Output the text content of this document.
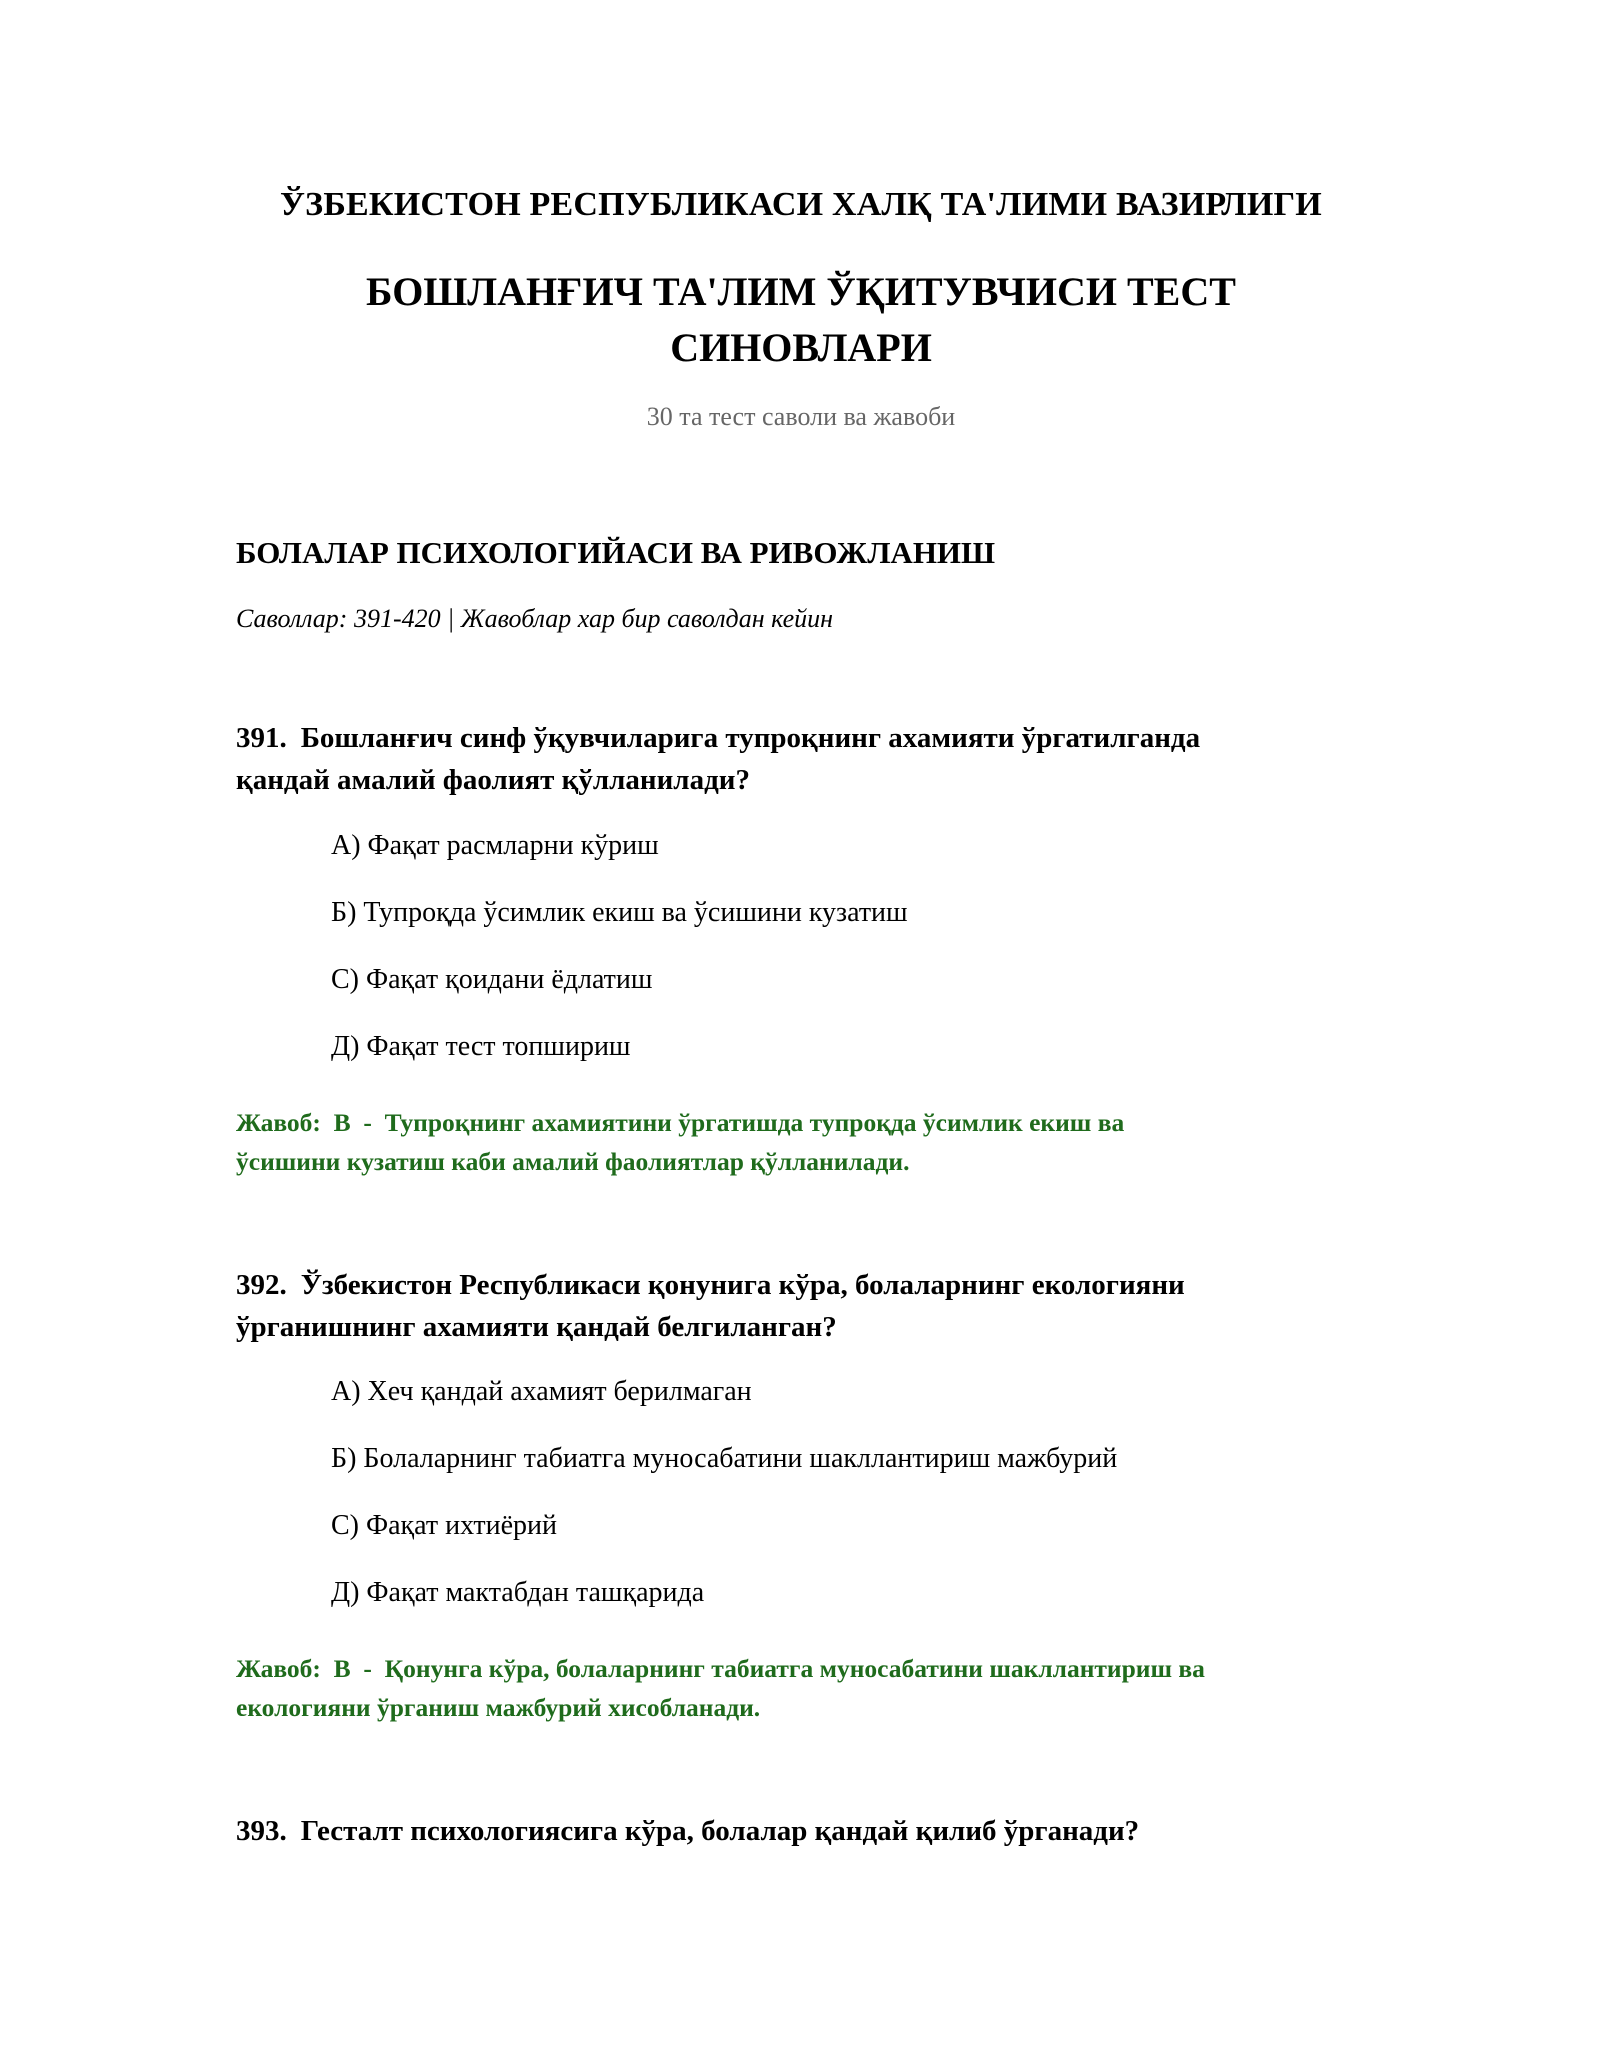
ЎЗБЕКИСТОН РЕСПУБЛИКАСИ ХАЛҚ ТА'ЛИМИ ВАЗИРЛИГИ
БОШЛАНҒИЧ ТА'ЛИМ ЎҚИТУВЧИСИ ТЕСТ
СИНОВЛАРИ
30 та тест саволи ва жавоби
БОЛАЛАР ПСИХОЛОГИЙАСИ ВА РИВОЖЛАНИШ
Саволлар: 391-420 | Жавоблар хар бир саволдан кейин
391. Бошланғич синф ўқувчиларига тупроқнинг ахамияти ўргатилганда
қандай амалий фаолият қўлланилади?
А) Фақат расмларни кўриш
Б) Тупроқда ўсимлик екиш ва ўсишини кузатиш
С) Фақат қоидани ёдлатиш
Д) Фақат тест топшириш
Жавоб:  B  -  Тупроқнинг ахамиятини ўргатишда тупроқда ўсимлик екиш ва
ўсишини кузатиш каби амалий фаолиятлар қўлланилади.
392. Ўзбекистон Республикаси қонунига кўра, болаларнинг екологияни
ўрганишнинг ахамияти қандай белгиланган?
А) Хеч қандай ахамият берилмаган
Б) Болаларнинг табиатга муносабатини шакллантириш мажбурий
С) Фақат ихтиёрий
Д) Фақат мактабдан ташқарида
Жавоб:  B  -  Қонунга кўра, болаларнинг табиатга муносабатини шакллантириш ва
екологияни ўрганиш мажбурий хисобланади.
393. Гесталт психологиясига кўра, болалар қандай қилиб ўрганади?
